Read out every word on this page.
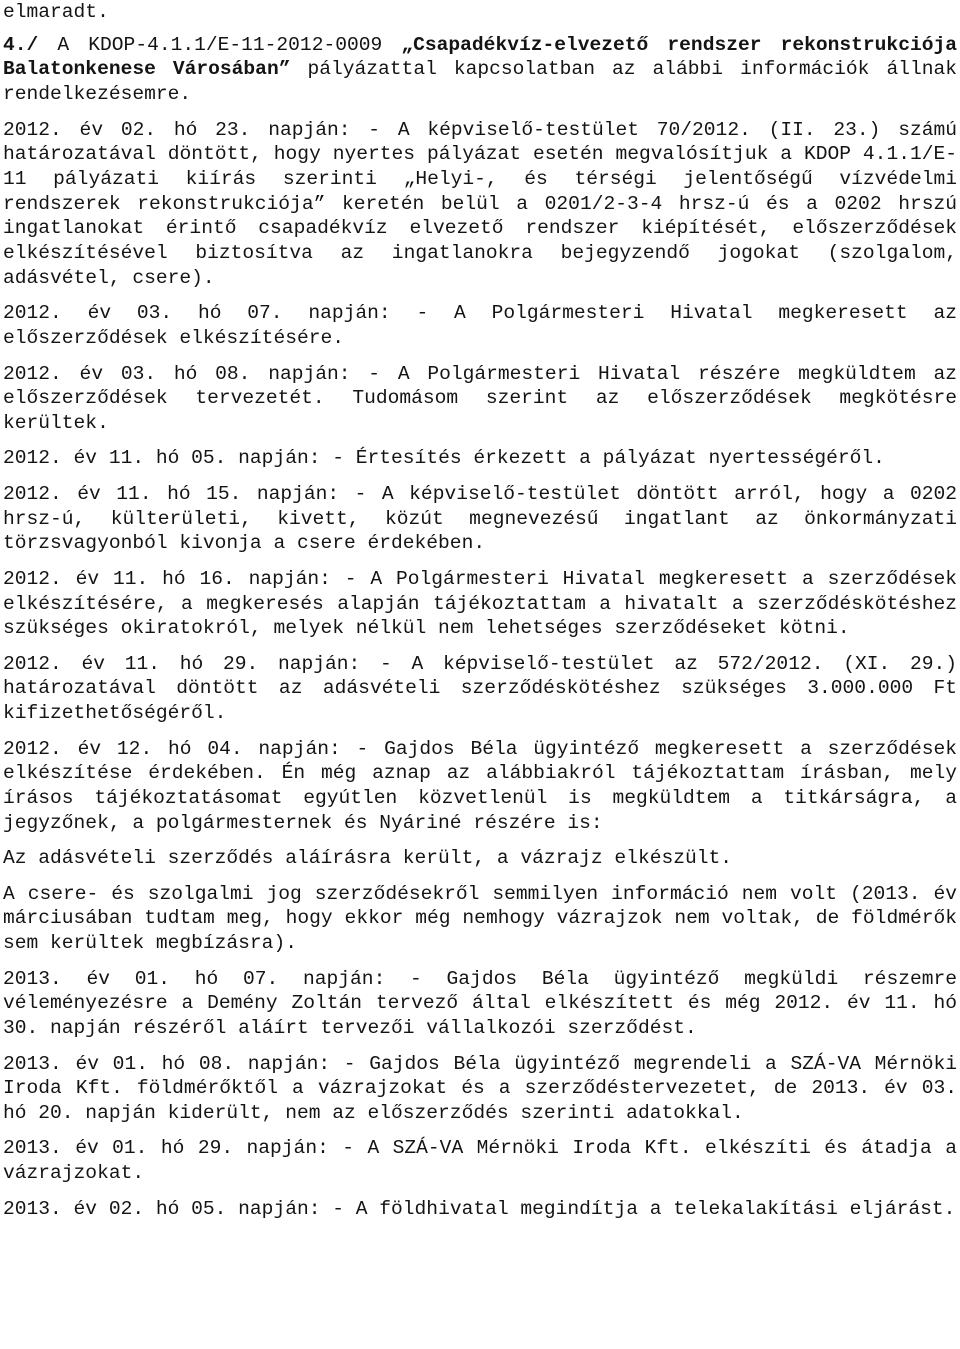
elmaradt.

4./ A KDOP-4.1.1/E-11-2012-0009 „Csapadékvíz-elvezető rendszer rekonstrukciója Balatonkenese Városában” pályázattal kapcsolatban az alábbi információk állnak rendelkezésemre.

2012. év 02. hó 23. napján: - A képviselő-testület 70/2012. (II. 23.) számú határozatával döntött, hogy nyertes pályázat esetén megvalósítjuk a KDOP 4.1.1/E-11 pályázati kiírás szerinti „Helyi-, és térségi jelentőségű vízvédelmi rendszerek rekonstrukciója” keretén belül a 0201/2-3-4 hrsz-ú és a 0202 hrszú ingatlanokat érintő csapadékvíz elvezető rendszer kiépítését, előszerződések elkészítésével biztosítva az ingatlanokra bejegyzendő jogokat (szolgalom, adásvétel, csere).

2012. év 03. hó 07. napján: - A Polgármesteri Hivatal megkeresett az előszerződések elkészítésére.

2012. év 03. hó 08. napján: - A Polgármesteri Hivatal részére megküldtem az előszerződések tervezetét. Tudomásom szerint az előszerződések megkötésre kerültek.

2012. év 11. hó 05. napján: - Értesítés érkezett a pályázat nyertességéről.

2012. év 11. hó 15. napján: - A képviselő-testület döntött arról, hogy a 0202 hrsz-ú, külterületi, kivett, közút megnevezésű ingatlant az önkormányzati törzsvagyonból kivonja a csere érdekében.

2012. év 11. hó 16. napján: - A Polgármesteri Hivatal megkeresett a szerződések elkészítésére, a megkeresés alapján tájékoztattam a hivatalt a szerződéskötéshez szükséges okiratokról, melyek nélkül nem lehetséges szerződéseket kötni.

2012. év 11. hó 29. napján: - A képviselő-testület az 572/2012. (XI. 29.) határozatával döntött az adásvételi szerződéskötéshez szükséges 3.000.000 Ft kifizethetőségéről.

2012. év 12. hó 04. napján: - Gajdos Béla ügyintéző megkeresett a szerződések elkészítése érdekében. Én még aznap az alábbiakról tájékoztattam írásban, mely írásos tájékoztatásomat egyútlen közvetlenül is megküldtem a titkárságra, a jegyzőnek, a polgármesternek és Nyáriné részére is:

Az adásvételi szerződés aláírásra került, a vázrajz elkészült.

A csere- és szolgalmi jog szerződésekről semmilyen információ nem volt (2013. év márciusában tudtam meg, hogy ekkor még nemhogy vázrajzok nem voltak, de földmérők sem kerültek megbízásra).

2013. év 01. hó 07. napján: - Gajdos Béla ügyintéző megküldi részemre véleményezésre a Demény Zoltán tervező által elkészített és még 2012. év 11. hó 30. napján részéről aláírt tervezői vállalkozói szerződést.

2013. év 01. hó 08. napján: - Gajdos Béla ügyintéző megrendeli a SZÁ-VA Mérnöki Iroda Kft. földmérőktől a vázrajzokat és a szerződéstervezetet, de 2013. év 03. hó 20. napján kiderült, nem az előszerződés szerinti adatokkal.

2013. év 01. hó 29. napján: - A SZÁ-VA Mérnöki Iroda Kft. elkészíti és átadja a vázrajzokat.

2013. év 02. hó 05. napján: - A földhivatal megindítja a telekalakítási eljárást.
